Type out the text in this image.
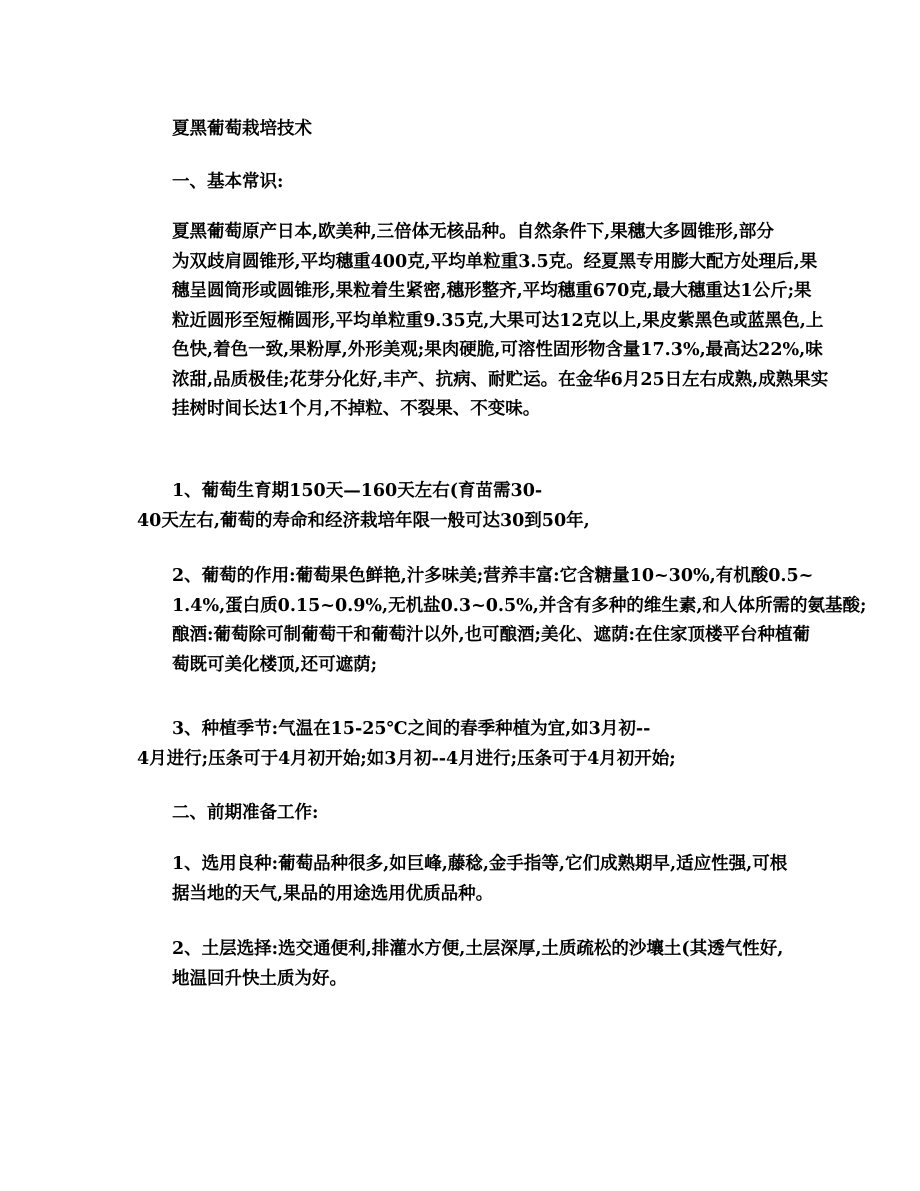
夏黑葡萄栽培技术

一、基本常识:

夏黑葡萄原产日本,欧美种,三倍体无核品种。自然条件下,果穗大多圆锥形,部分
为双歧肩圆锥形,平均穗重400克,平均单粒重3.5克。经夏黑专用膨大配方处理后,果
穗呈圆筒形或圆锥形,果粒着生紧密,穗形整齐,平均穗重670克,最大穗重达1公斤;果
粒近圆形至短椭圆形,平均单粒重9.35克,大果可达12克以上,果皮紫黑色或蓝黑色,上
色快,着色一致,果粉厚,外形美观;果肉硬脆,可溶性固形物含量17.3%,最高达22%,味
浓甜,品质极佳;花芽分化好,丰产、抗病、耐贮运。在金华6月25日左右成熟,成熟果实
挂树时间长达1个月,不掉粒、不裂果、不变味。

1、葡萄生育期150天—160天左右(育苗需30-
40天左右,葡萄的寿命和经济栽培年限一般可达30到50年,

2、葡萄的作用:葡萄果色鲜艳,汁多味美;营养丰富:它含糖量10~30%,有机酸0.5~
1.4%,蛋白质0.15~0.9%,无机盐0.3~0.5%,并含有多种的维生素,和人体所需的氨基酸;
酿酒:葡萄除可制葡萄干和葡萄汁以外,也可酿酒;美化、遮荫:在住家顶楼平台种植葡
萄既可美化楼顶,还可遮荫;

3、种植季节:气温在15-25℃之间的春季种植为宜,如3月初--
4月进行;压条可于4月初开始;如3月初--4月进行;压条可于4月初开始;

二、前期准备工作:

1、选用良种:葡萄品种很多,如巨峰,藤稔,金手指等,它们成熟期早,适应性强,可根
据当地的天气,果品的用途选用优质品种。

2、土层选择:选交通便利,排灌水方便,土层深厚,土质疏松的沙壤土(其透气性好,
地温回升快土质为好。
